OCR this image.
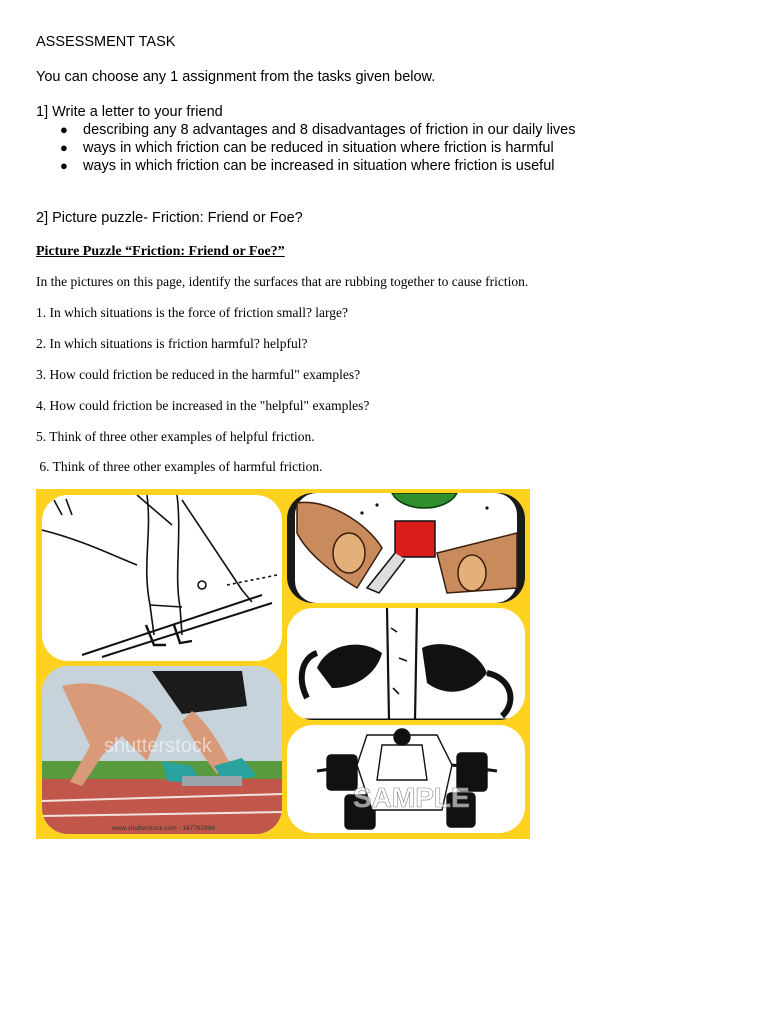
ASSESSMENT TASK

You can choose any 1 assignment from the tasks given below.

1] Write a letter to your friend

● describing any 8 advantages and 8 disadvantages of friction in our daily lives
● ways in which friction can be reduced in situation where friction is harmful
● ways in which friction can be increased in situation where friction is useful

2] Picture puzzle- Friction: Friend or Foe?

Picture Puzzle “Friction: Friend or Foe?”

In the pictures on this page, identify the surfaces that are rubbing together to cause friction.

1. In which situations is the force of friction small? large?

2. In which situations is friction harmful? helpful?

3. How could friction be reduced in the harmful" examples?

4. How could friction be increased in the "helpful" examples?

5. Think of three other examples of helpful friction.

6. Think of three other examples of harmful friction.

shutterstock
www.shutterstock.com · 167762996
SAMPLE
